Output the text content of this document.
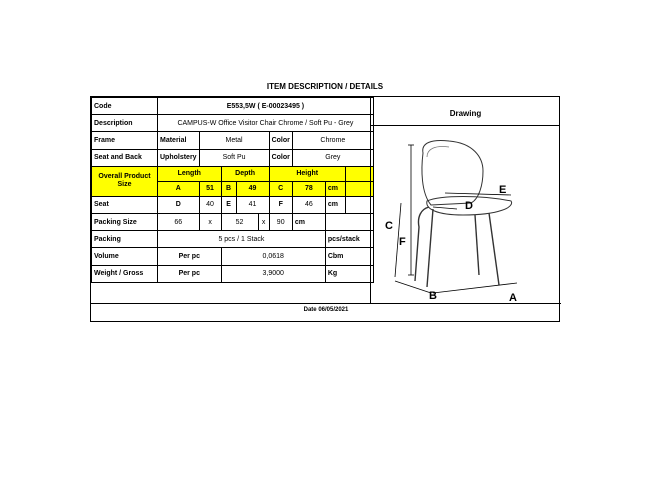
ITEM DESCRIPTION / DETAILS
Code	E553,5W ( E-00023495 )								
Description	CAMPUS-W Office Visitor Chair Chrome / Soft Pu - Grey								
Frame	Material	Metal				Color	Chrome		
Seat and Back	Upholstery	Soft Pu				Color	Grey		
Overall Product Size	Length		Depth			Height			
	A	51	B	49		C	78	cm	
Seat	D	40	E	41		F	46	cm	
Packing Size	66	x	52		x	90	cm		
Packing	5 pcs / 1 Stack							pcs/stack	
Volume	Per pc		0,0618					Cbm	
Weight / Gross	Per pc		3,9000					Kg	
Drawing
D
E
C
F
B	A
Date 06/05/2021
